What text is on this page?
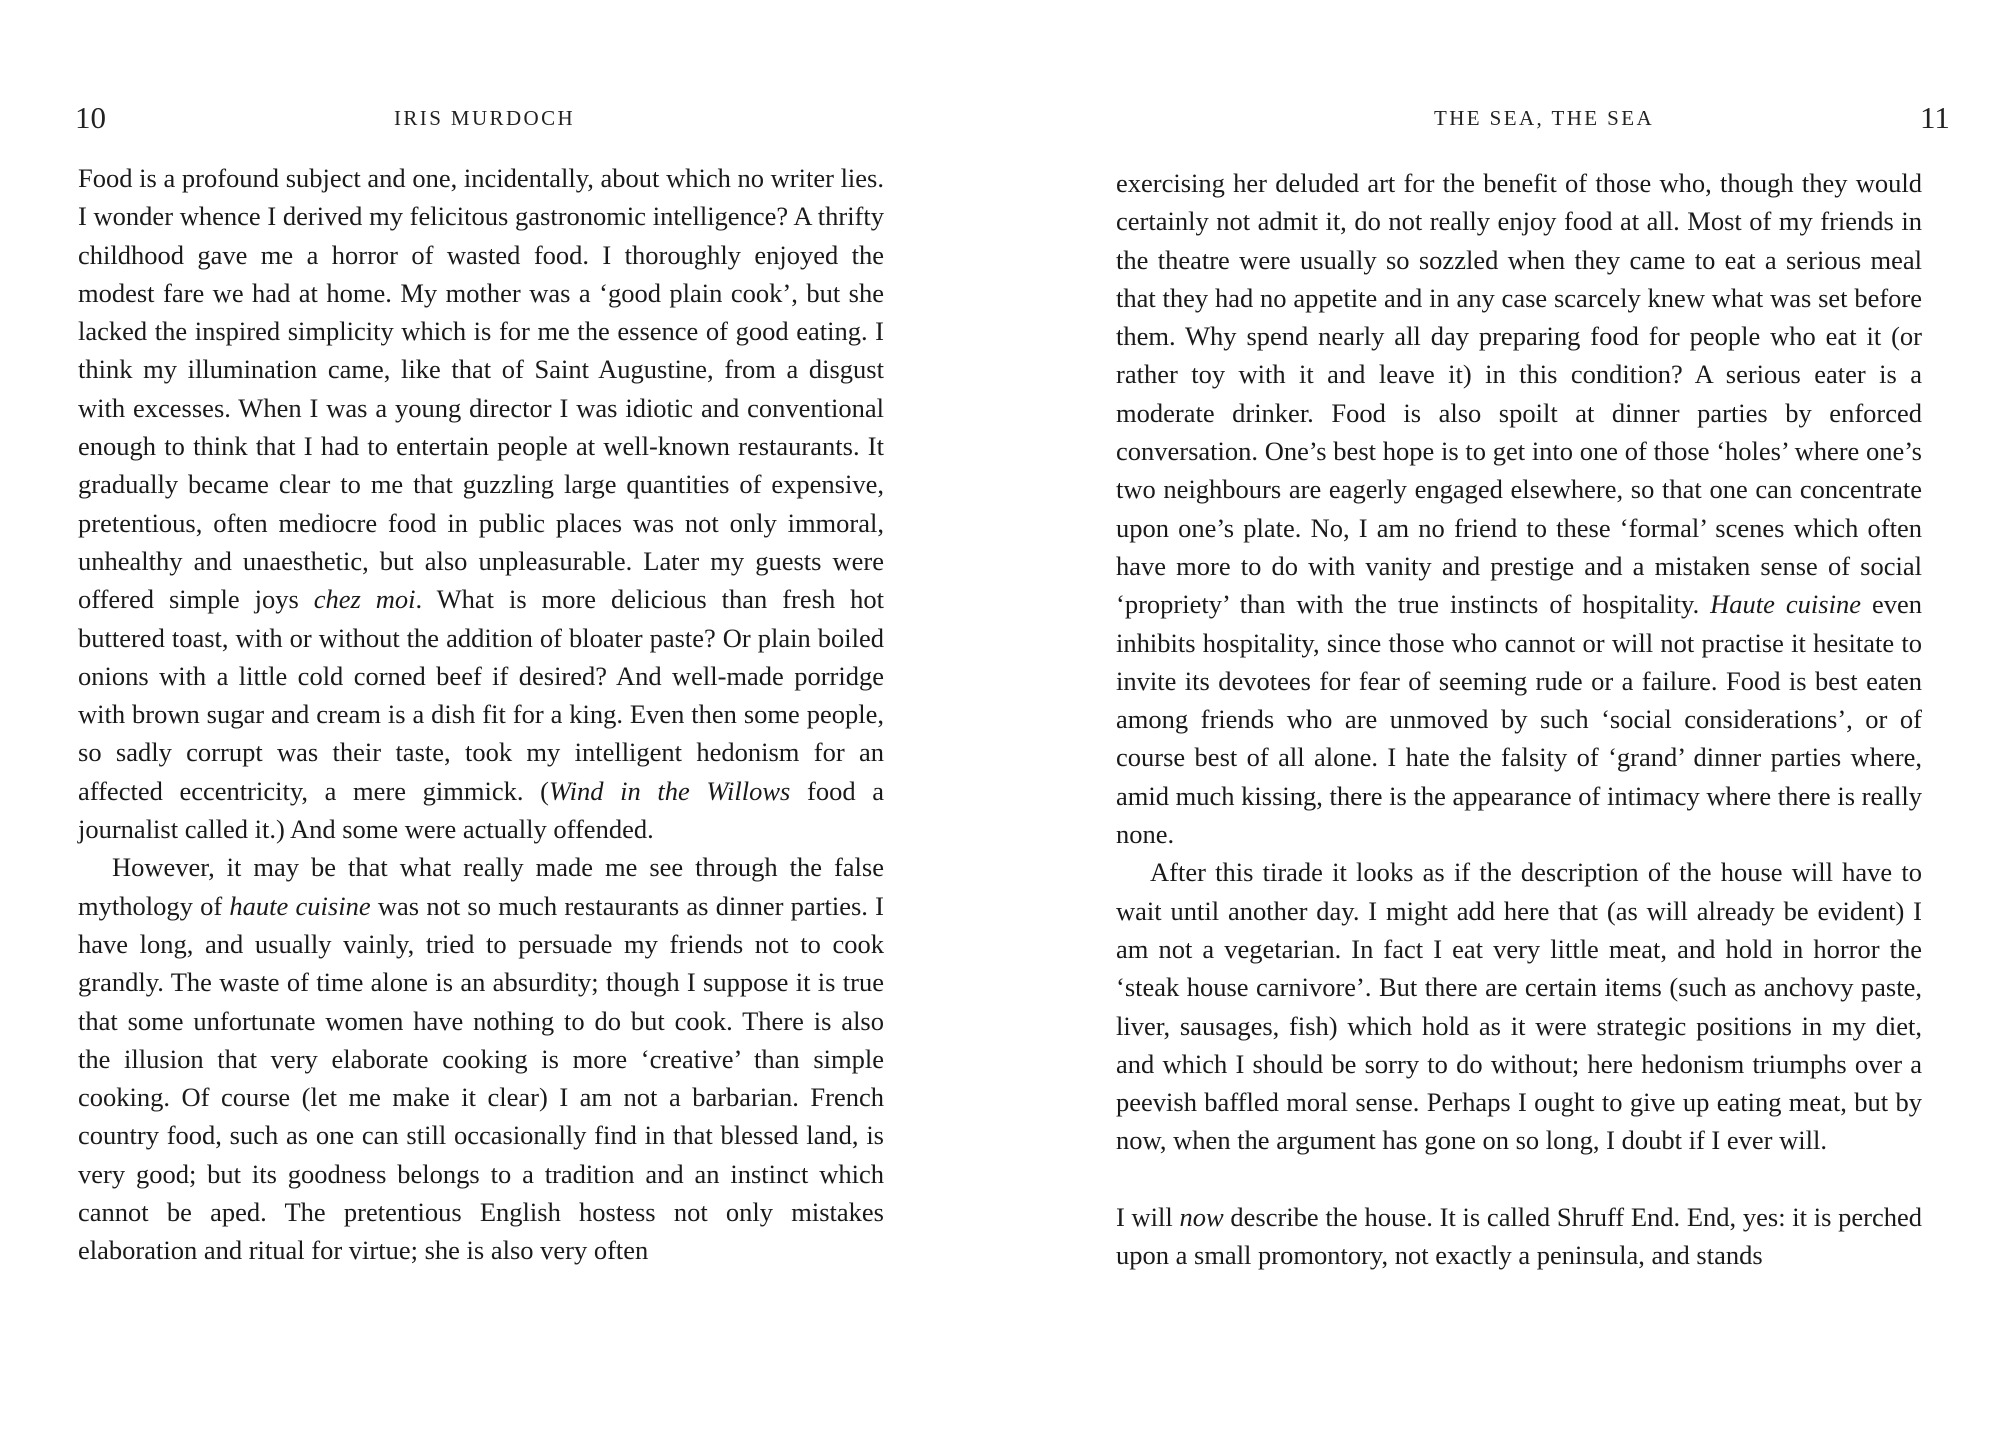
10	IRIS MURDOCH

Food is a profound subject and one, incidentally, about which no writer lies. I wonder whence I derived my felicitous gastronomic intelligence? A thrifty childhood gave me a horror of wasted food. I thoroughly enjoyed the modest fare we had at home. My mother was a ‘good plain cook’, but she lacked the inspired simplicity which is for me the essence of good eating. I think my illumination came, like that of Saint Augustine, from a disgust with excesses. When I was a young director I was idiotic and conventional enough to think that I had to entertain people at well-known restaurants. It gradually became clear to me that guzzling large quantities of expensive, pretentious, often mediocre food in public places was not only immoral, unhealthy and unaesthetic, but also unpleasurable. Later my guests were offered simple joys chez moi. What is more delicious than fresh hot buttered toast, with or without the addition of bloater paste? Or plain boiled onions with a little cold corned beef if desired? And well-made porridge with brown sugar and cream is a dish fit for a king. Even then some people, so sadly corrupt was their taste, took my intelligent hedonism for an affected eccentricity, a mere gimmick. (Wind in the Willows food a journalist called it.) And some were actually offended.

However, it may be that what really made me see through the false mythology of haute cuisine was not so much restaurants as dinner parties. I have long, and usually vainly, tried to persuade my friends not to cook grandly. The waste of time alone is an absurdity; though I suppose it is true that some unfortunate women have nothing to do but cook. There is also the illusion that very elaborate cooking is more ‘creative’ than simple cooking. Of course (let me make it clear) I am not a barbarian. French country food, such as one can still occasionally find in that blessed land, is very good; but its goodness belongs to a tradition and an instinct which cannot be aped. The pretentious English hostess not only mistakes elaboration and ritual for virtue; she is also very often

THE SEA, THE SEA	11

exercising her deluded art for the benefit of those who, though they would certainly not admit it, do not really enjoy food at all. Most of my friends in the theatre were usually so sozzled when they came to eat a serious meal that they had no appetite and in any case scarcely knew what was set before them. Why spend nearly all day preparing food for people who eat it (or rather toy with it and leave it) in this condition? A serious eater is a moderate drinker. Food is also spoilt at dinner parties by enforced conversation. One’s best hope is to get into one of those ‘holes’ where one’s two neighbours are eagerly engaged elsewhere, so that one can concentrate upon one’s plate. No, I am no friend to these ‘formal’ scenes which often have more to do with vanity and prestige and a mistaken sense of social ‘propriety’ than with the true instincts of hospitality. Haute cuisine even inhibits hospitality, since those who cannot or will not practise it hesitate to invite its devotees for fear of seeming rude or a failure. Food is best eaten among friends who are unmoved by such ‘social considerations’, or of course best of all alone. I hate the falsity of ‘grand’ dinner parties where, amid much kissing, there is the appearance of intimacy where there is really none.

After this tirade it looks as if the description of the house will have to wait until another day. I might add here that (as will already be evident) I am not a vegetarian. In fact I eat very little meat, and hold in horror the ‘steak house carnivore’. But there are certain items (such as anchovy paste, liver, sausages, fish) which hold as it were strategic positions in my diet, and which I should be sorry to do without; here hedonism triumphs over a peevish baffled moral sense. Perhaps I ought to give up eating meat, but by now, when the argument has gone on so long, I doubt if I ever will.

I will now describe the house. It is called Shruff End. End, yes: it is perched upon a small promontory, not exactly a peninsula, and stands
